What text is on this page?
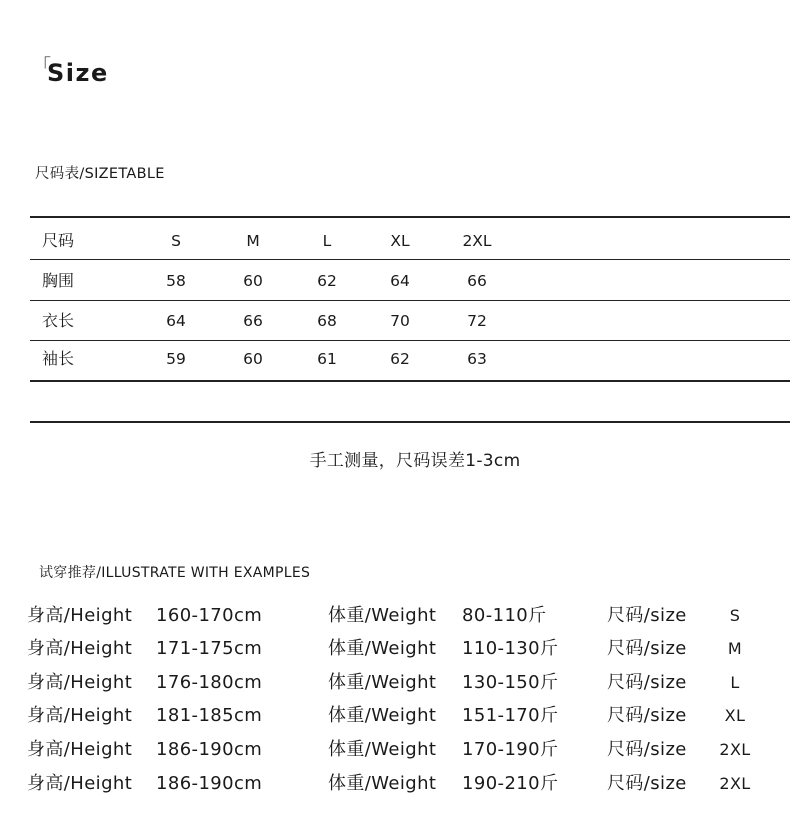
「
Size
尺码表/SIZETABLE
尺码	S	M	L	XL	2XL
胸围	58	60	62	64	66
衣长	64	66	68	70	72
袖长	59	60	61	62	63
手工测量，尺码误差1-3cm
试穿推荐/ILLUSTRATE WITH EXAMPLES
身高/Height 160-170cm	体重/Weight 80-110斤	尺码/size	S
身高/Height 171-175cm	体重/Weight 110-130斤	尺码/size	M
身高/Height 176-180cm	体重/Weight 130-150斤	尺码/size	L
身高/Height 181-185cm	体重/Weight 151-170斤	尺码/size	XL
身高/Height 186-190cm	体重/Weight 170-190斤	尺码/size	2XL
身高/Height 186-190cm	体重/Weight 190-210斤	尺码/size	2XL
